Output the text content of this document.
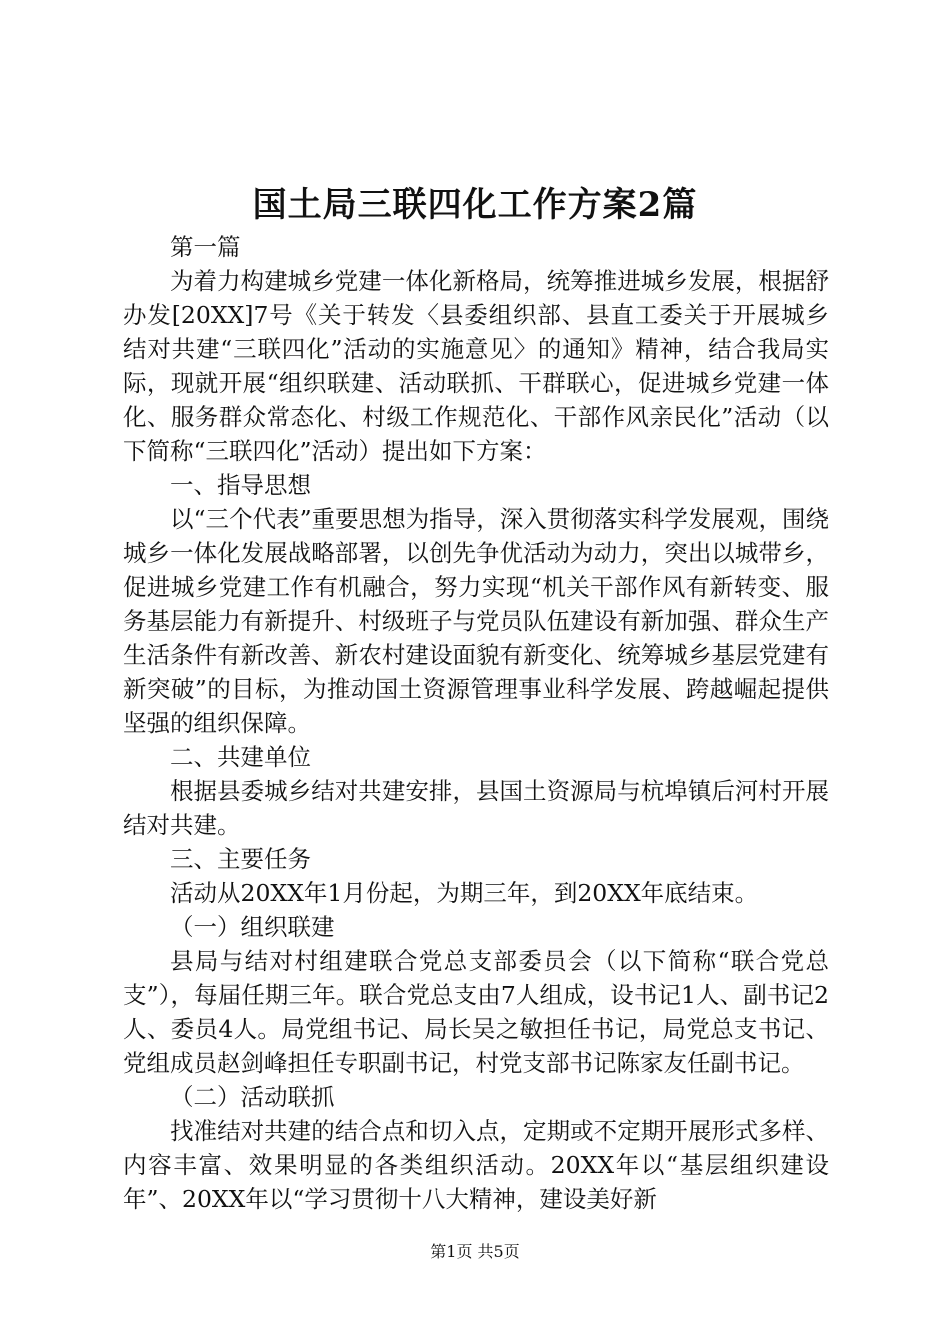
国土局三联四化工作方案2篇

第一篇

为着力构建城乡党建一体化新格局，统筹推进城乡发展，根据舒办发[20XX]7号《关于转发〈县委组织部、县直工委关于开展城乡结对共建“三联四化”活动的实施意见〉的通知》精神，结合我局实际，现就开展“组织联建、活动联抓、干群联心，促进城乡党建一体化、服务群众常态化、村级工作规范化、干部作风亲民化”活动（以下简称“三联四化”活动）提出如下方案：

一、指导思想

以“三个代表”重要思想为指导，深入贯彻落实科学发展观，围绕城乡一体化发展战略部署，以创先争优活动为动力，突出以城带乡，促进城乡党建工作有机融合，努力实现“机关干部作风有新转变、服务基层能力有新提升、村级班子与党员队伍建设有新加强、群众生产生活条件有新改善、新农村建设面貌有新变化、统筹城乡基层党建有新突破”的目标，为推动国土资源管理事业科学发展、跨越崛起提供坚强的组织保障。

二、共建单位

根据县委城乡结对共建安排，县国土资源局与杭埠镇后河村开展结对共建。

三、主要任务

活动从20XX年1月份起，为期三年，到20XX年底结束。

（一）组织联建

县局与结对村组建联合党总支部委员会（以下简称“联合党总支”），每届任期三年。联合党总支由7人组成，设书记1人、副书记2人、委员4人。局党组书记、局长吴之敏担任书记，局党总支书记、党组成员赵剑峰担任专职副书记，村党支部书记陈家友任副书记。

（二）活动联抓

找准结对共建的结合点和切入点，定期或不定期开展形式多样、内容丰富、效果明显的各类组织活动。20XX年以“基层组织建设年”、20XX年以“学习贯彻十八大精神，建设美好新

第1页 共5页
